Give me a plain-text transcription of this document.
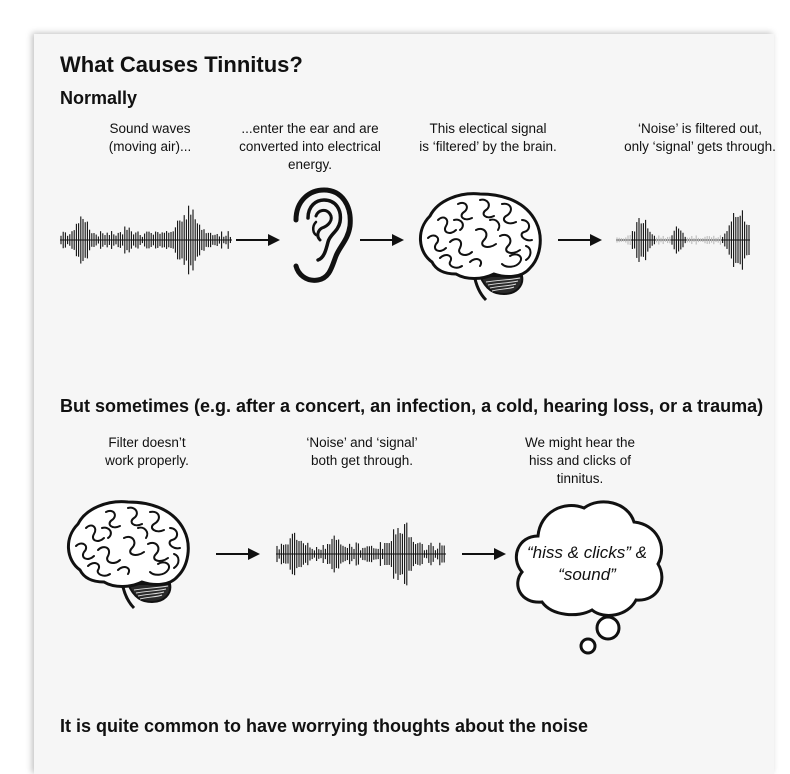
What Causes Tinnitus?
Normally
Sound waves
(moving air)...
...enter the ear and are
converted into electrical
energy.
This electical signal
is ‘filtered’ by the brain.
‘Noise’ is filtered out,
only ‘signal’ gets through.
But sometimes (e.g. after a concert, an infection, a cold, hearing loss, or a trauma)
Filter doesn’t
work properly.
‘Noise’ and ‘signal’
both get through.
We might hear the
hiss and clicks of
tinnitus.
“hiss & clicks” &
“sound”
It is quite common to have worrying thoughts about the noise
